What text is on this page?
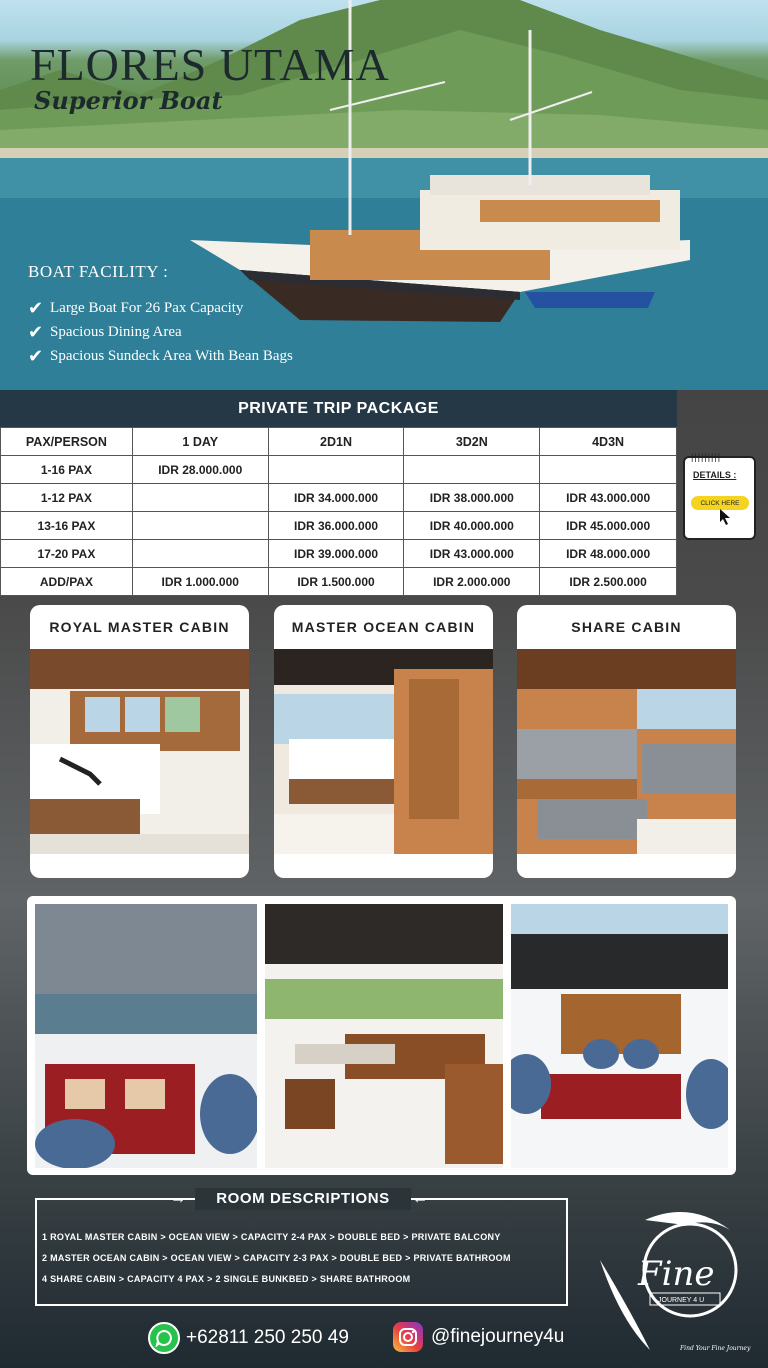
FLORES UTAMA
Superior Boat
BOAT FACILITY :
✔ Large Boat For 26 Pax Capacity
✔ Spacious Dining Area
✔ Spacious Sundeck Area With Bean Bags
PRIVATE TRIP PACKAGE
PAX/PERSON	1 DAY	2D1N	3D2N	4D3N
1-16 PAX	IDR 28.000.000			
1-12 PAX		IDR 34.000.000	IDR 38.000.000	IDR 43.000.000
13-16 PAX		IDR 36.000.000	IDR 40.000.000	IDR 45.000.000
17-20 PAX		IDR 39.000.000	IDR 43.000.000	IDR 48.000.000
ADD/PAX	IDR 1.000.000	IDR 1.500.000	IDR 2.000.000	IDR 2.500.000
|||||||||
DETAILS :
CLICK HERE
ROYAL MASTER CABIN	MASTER OCEAN CABIN	SHARE CABIN
→	ROOM DESCRIPTIONS	←
1 ROYAL MASTER CABIN > OCEAN VIEW > CAPACITY 2-4 PAX > DOUBLE BED > PRIVATE BALCONY
2 MASTER OCEAN CABIN > OCEAN VIEW > CAPACITY 2-3 PAX > DOUBLE BED > PRIVATE BATHROOM
4 SHARE CABIN > CAPACITY 4 PAX > 2 SINGLE BUNKBED > SHARE BATHROOM
+62811 250 250 49	@finejourney4u
Fine
JOURNEY 4 U
Find Your Fine Journey
